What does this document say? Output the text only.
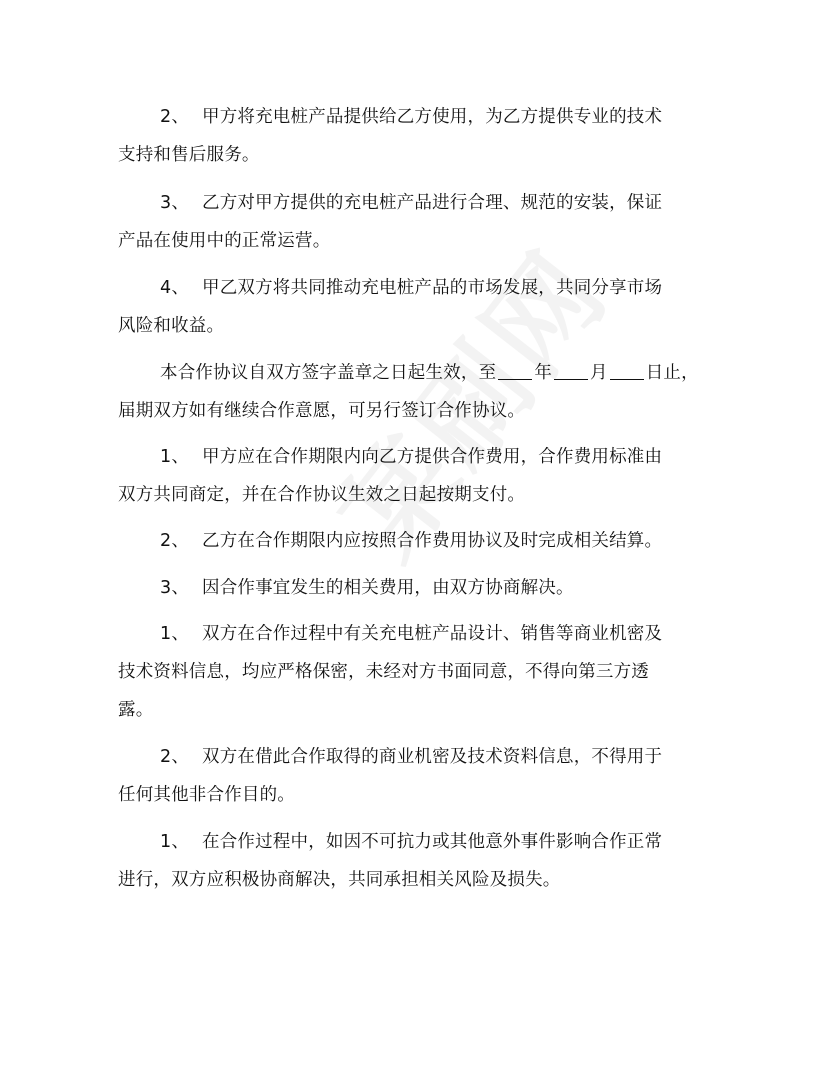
2、 甲方将充电桩产品提供给乙方使用，为乙方提供专业的技术
支持和售后服务。
3、 乙方对甲方提供的充电桩产品进行合理、规范的安装，保证
产品在使用中的正常运营。
4、 甲乙双方将共同推动充电桩产品的市场发展，共同分享市场
风险和收益。
本合作协议自双方签字盖章之日起生效，至 年 月 日止，
届期双方如有继续合作意愿，可另行签订合作协议。
1、 甲方应在合作期限内向乙方提供合作费用，合作费用标准由
双方共同商定，并在合作协议生效之日起按期支付。
2、 乙方在合作期限内应按照合作费用协议及时完成相关结算。
3、 因合作事宜发生的相关费用，由双方协商解决。
1、 双方在合作过程中有关充电桩产品设计、销售等商业机密及
技术资料信息，均应严格保密，未经对方书面同意，不得向第三方透
露。
2、 双方在借此合作取得的商业机密及技术资料信息，不得用于
任何其他非合作目的。
1、 在合作过程中，如因不可抗力或其他意外事件影响合作正常
进行，双方应积极协商解决，共同承担相关风险及损失。
